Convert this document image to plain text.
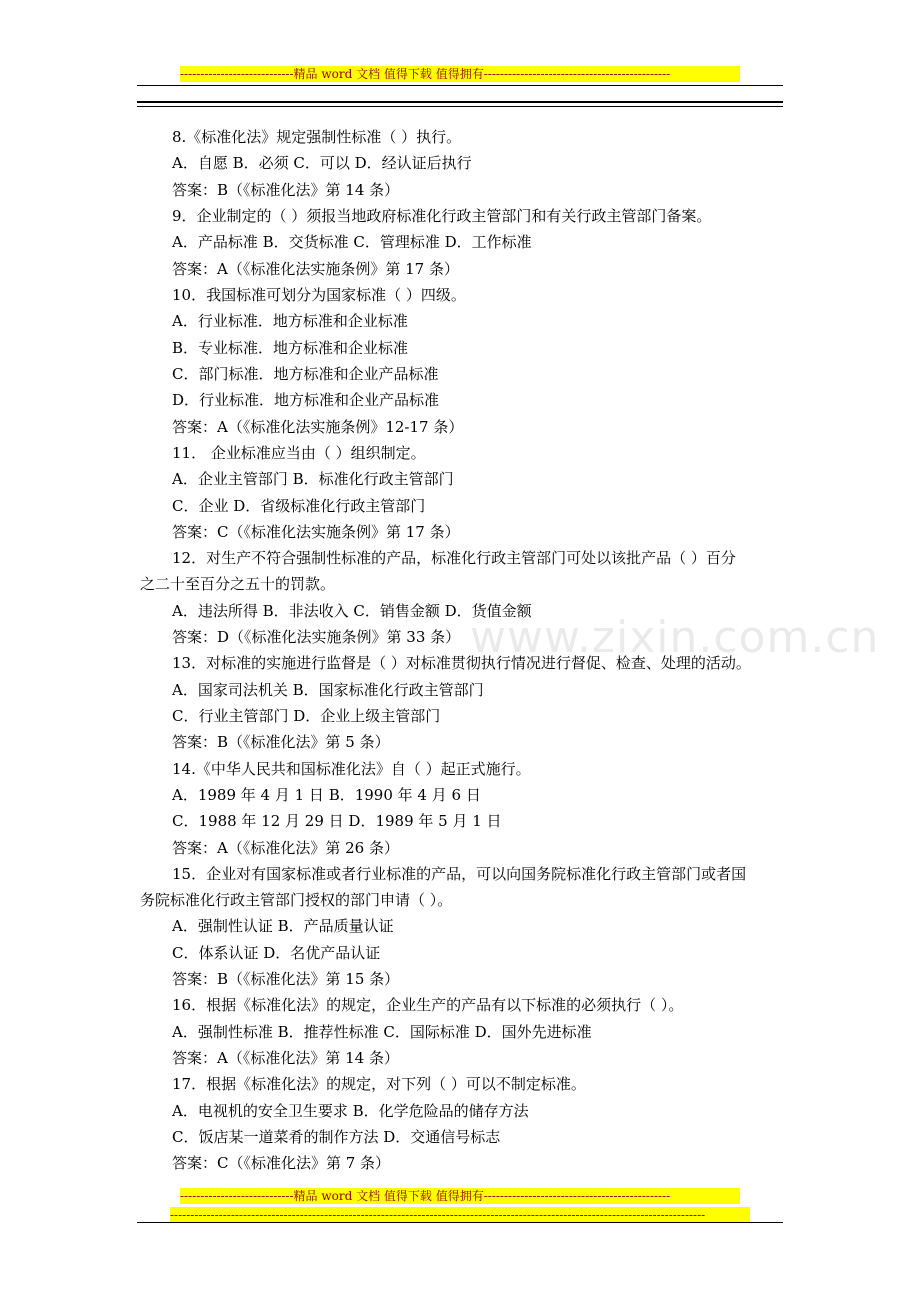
----------------------------精品 word 文档 值得下载 值得拥有----------------------------------------------
8.《标准化法》规定强制性标准（ ）执行。
A．自愿 B．必须 C．可以 D．经认证后执行
答案：B（《标准化法》第 14 条）
9．企业制定的（ ）须报当地政府标准化行政主管部门和有关行政主管部门备案。
A．产品标准 B．交货标准 C．管理标准 D．工作标准
答案：A（《标准化法实施条例》第 17 条）
10．我国标准可划分为国家标准（ ）四级。
A．行业标准．地方标准和企业标准
B．专业标准．地方标准和企业标准
C．部门标准．地方标准和企业产品标准
D．行业标准．地方标准和企业产品标准
答案：A（《标准化法实施条例》12-17 条）
11． 企业标准应当由（ ）组织制定。
A．企业主管部门 B．标准化行政主管部门
C．企业 D．省级标准化行政主管部门
答案：C（《标准化法实施条例》第 17 条）
12．对生产不符合强制性标准的产品，标准化行政主管部门可处以该批产品（ ）百分
之二十至百分之五十的罚款。
A．违法所得 B．非法收入 C．销售金额 D．货值金额
答案：D（《标准化法实施条例》第 33 条）
13．对标准的实施进行监督是（ ）对标准贯彻执行情况进行督促、检查、处理的活动。
A．国家司法机关 B．国家标准化行政主管部门
C．行业主管部门 D．企业上级主管部门
答案：B（《标准化法》第 5 条）
14.《中华人民共和国标准化法》自（ ）起正式施行。
A．1989 年 4 月 1 日 B．1990 年 4 月 6 日
C．1988 年 12 月 29 日 D．1989 年 5 月 1 日
答案：A（《标准化法》第 26 条）
15．企业对有国家标准或者行业标准的产品，可以向国务院标准化行政主管部门或者国
务院标准化行政主管部门授权的部门申请（ ）。
A．强制性认证 B．产品质量认证
C．体系认证 D．名优产品认证
答案：B（《标准化法》第 15 条）
16．根据《标准化法》的规定，企业生产的产品有以下标准的必须执行（ ）。
A．强制性标准 B．推荐性标准 C．国际标准 D．国外先进标准
答案：A（《标准化法》第 14 条）
17．根据《标准化法》的规定，对下列（ ）可以不制定标准。
A．电视机的安全卫生要求 B．化学危险品的储存方法
C．饭店某一道菜肴的制作方法 D．交通信号标志
答案：C（《标准化法》第 7 条）
www.zixin.com.cn
----------------------------精品 word 文档 值得下载 值得拥有----------------------------------------------
------------------------------------------------------------------------------------------------------------------------------------
